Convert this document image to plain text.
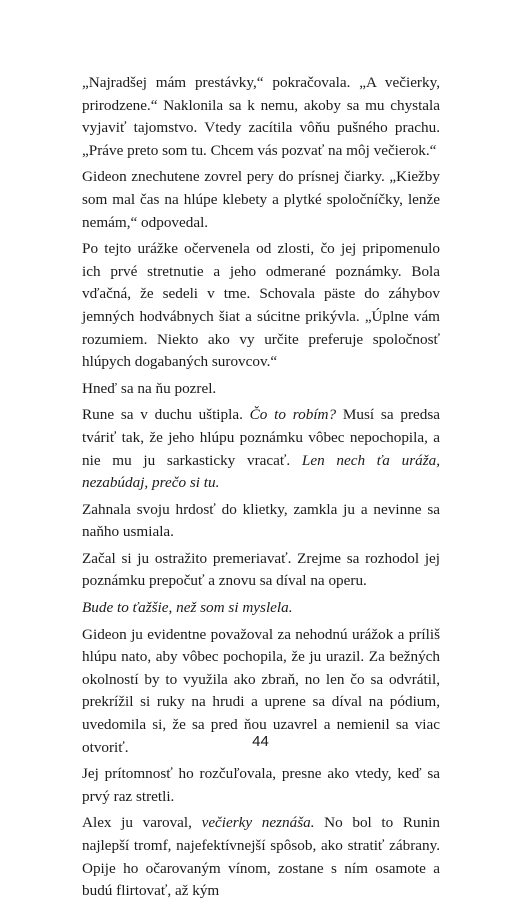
„Najradšej mám prestávky,“ pokračovala. „A večierky, prirodzene.“ Naklonila sa k nemu, akoby sa mu chystala vyjaviť tajomstvo. Vtedy zacítila vôňu pušného prachu. „Práve preto som tu. Chcem vás pozvať na môj večierok.“

Gideon znechutene zovrel pery do prísnej čiarky. „Kiežby som mal čas na hlúpe klebety a plytké spoločníčky, lenže nemám,“ odpovedal.

Po tejto urážke očervenela od zlosti, čo jej pripomenulo ich prvé stretnutie a jeho odmerané poznámky. Bola vďačná, že sedeli v tme. Schovala päste do záhybov jemných hodvábnych šiat a súcitne prikývla. „Úplne vám rozumiem. Niekto ako vy určite preferuje spoločnosť hlúpych dogabaných surovcov.“

Hneď sa na ňu pozrel.

Rune sa v duchu uštipla. Čo to robím? Musí sa predsa tváriť tak, že jeho hlúpu poznámku vôbec nepochopila, a nie mu ju sarkasticky vracať. Len nech ťa uráža, nezabúdaj, prečo si tu.

Zahnala svoju hrdosť do klietky, zamkla ju a nevinne sa naňho usmiala.

Začal si ju ostražito premeriavať. Zrejme sa rozhodol jej poznámku prepočuť a znovu sa díval na operu.

Bude to ťažšie, než som si myslela.

Gideon ju evidentne považoval za nehodnú urážok a príliš hlúpu nato, aby vôbec pochopila, že ju urazil. Za bežných okolností by to využila ako zbraň, no len čo sa odvrátil, prekrížil si ruky na hrudi a uprene sa díval na pódium, uvedomila si, že sa pred ňou uzavrel a nemienil sa viac otvoriť.

Jej prítomnosť ho rozčuľovala, presne ako vtedy, keď sa prvý raz stretli.

Alex ju varoval, večierky neznáša. No bol to Runin najlepší tromf, najefektívnejší spôsob, ako stratiť zábrany. Opije ho očarovaným vínom, zostane s ním osamote a budú flirtovať, až kým

44
